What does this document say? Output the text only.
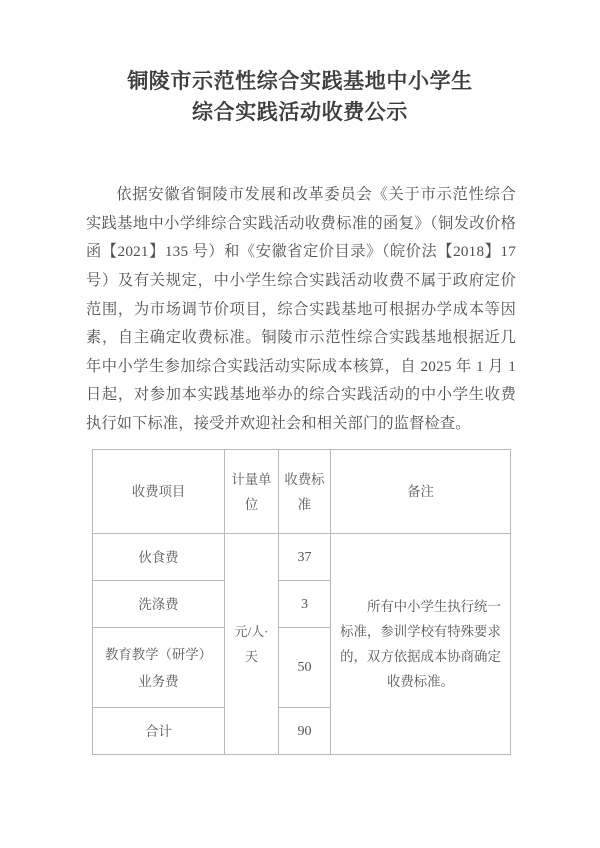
铜陵市示范性综合实践基地中小学生
综合实践活动收费公示

依据安徽省铜陵市发展和改革委员会《关于市示范性综合实践基地中小学绯综合实践活动收费标准的函复》（铜发改价格函【2021】135 号）和《安徽省定价目录》（皖价法【2018】17 号）及有关规定，中小学生综合实践活动收费不属于政府定价范围，为市场调节价项目，综合实践基地可根据办学成本等因素，自主确定收费标准。铜陵市示范性综合实践基地根据近几年中小学生参加综合实践活动实际成本核算，自 2025 年 1 月 1 日起，对参加本实践基地举办的综合实践活动的中小学生收费执行如下标准，接受并欢迎社会和相关部门的监督检查。

收费项目	计量单位	收费标准	备注

伙食费	元/人·天	37	所有中小学生执行统一标准，参训学校有特殊要求的，双方依据成本协商确定收费标准。

洗涤费		3	

教育教学（研学）业务费		50	

合计		90	
